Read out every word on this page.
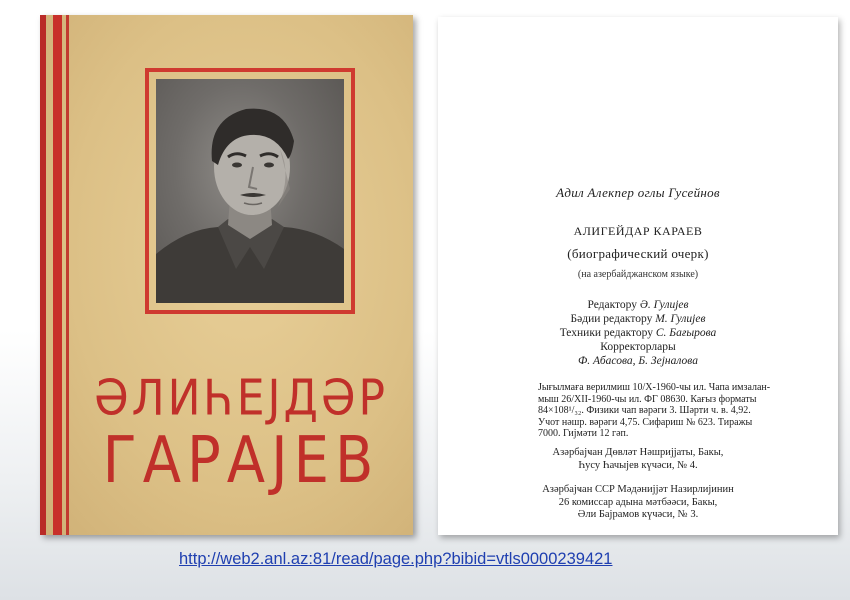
ӘЛИҺЕЈДӘР
ГАРАЈЕВ

Адил Алекпер оглы Гусейнов

АЛИГЕЙДАР КАРАЕВ

(биографический очерк)

(на азербайджанском языке)

Редактору Ә. Гулијев
Бәдии редактору М. Гулијев
Техники редактору С. Бағырова
Корректорлары
Ф. Абасова, Б. Зејналова
Јығылмаға верилмиш 10/X-1960-чы ил. Чапа имзалан-
мыш 26/XII-1960-чы ил. ФГ 08630. Кағыз форматы
84×108¹/₃₂. Физики чап вәрәги 3. Шәрти ч. в. 4,92.
Учот нәшр. вәрәги 4,75. Сифариш № 623. Тиражы
7000. Гијмәти 12 гәп.
Азәрбајҹан Дөвләт Нәшријјаты, Бакы,
Һусу Һачыјев күчәси, № 4.
Азәрбајҹан ССР Мәдәнијјәт Назирлијинин
26 комиссар адына мәтбәәси, Бакы,
Әли Бајрамов күчәси, № 3.
http://web2.anl.az:81/read/page.php?bibid=vtls0000239421
